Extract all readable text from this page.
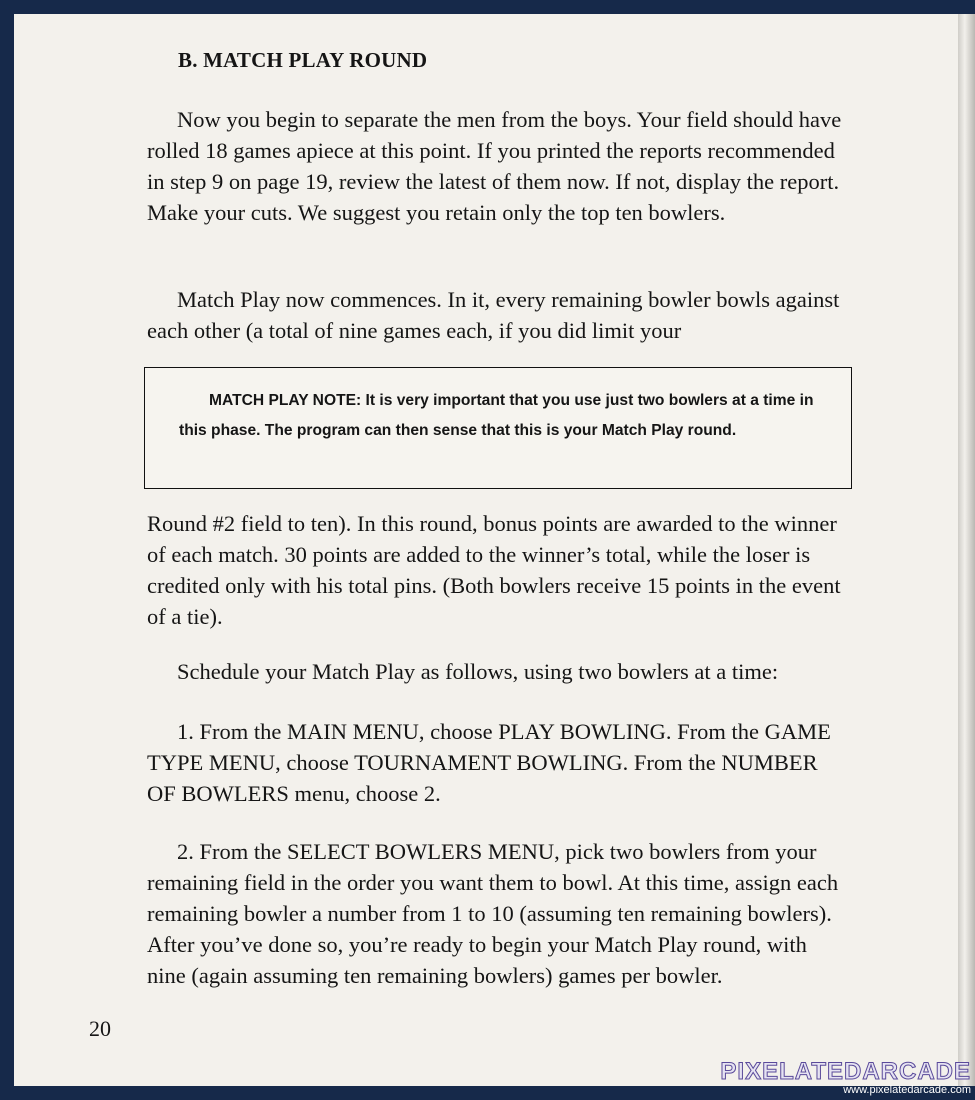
B. MATCH PLAY ROUND

Now you begin to separate the men from the boys. Your field should have rolled 18 games apiece at this point. If you printed the reports recommended in step 9 on page 19, review the latest of them now. If not, display the report. Make your cuts. We suggest you retain only the top ten bowlers.

Match Play now commences. In it, every remaining bowler bowls against each other (a total of nine games each, if you did limit your

MATCH PLAY NOTE: It is very important that you use just two bowlers at a time in this phase. The program can then sense that this is your Match Play round.

Round #2 field to ten). In this round, bonus points are awarded to the winner of each match. 30 points are added to the winner’s total, while the loser is credited only with his total pins. (Both bowlers receive 15 points in the event of a tie).

Schedule your Match Play as follows, using two bowlers at a time:

1. From the MAIN MENU, choose PLAY BOWLING. From the GAME TYPE MENU, choose TOURNAMENT BOWLING. From the NUMBER OF BOWLERS menu, choose 2.

2. From the SELECT BOWLERS MENU, pick two bowlers from your remaining field in the order you want them to bowl. At this time, assign each remaining bowler a number from 1 to 10 (assuming ten remaining bowlers). After you’ve done so, you’re ready to begin your Match Play round, with nine (again assuming ten remaining bowlers) games per bowler.

20
PIXELATEDARCADE
www.pixelatedarcade.com
